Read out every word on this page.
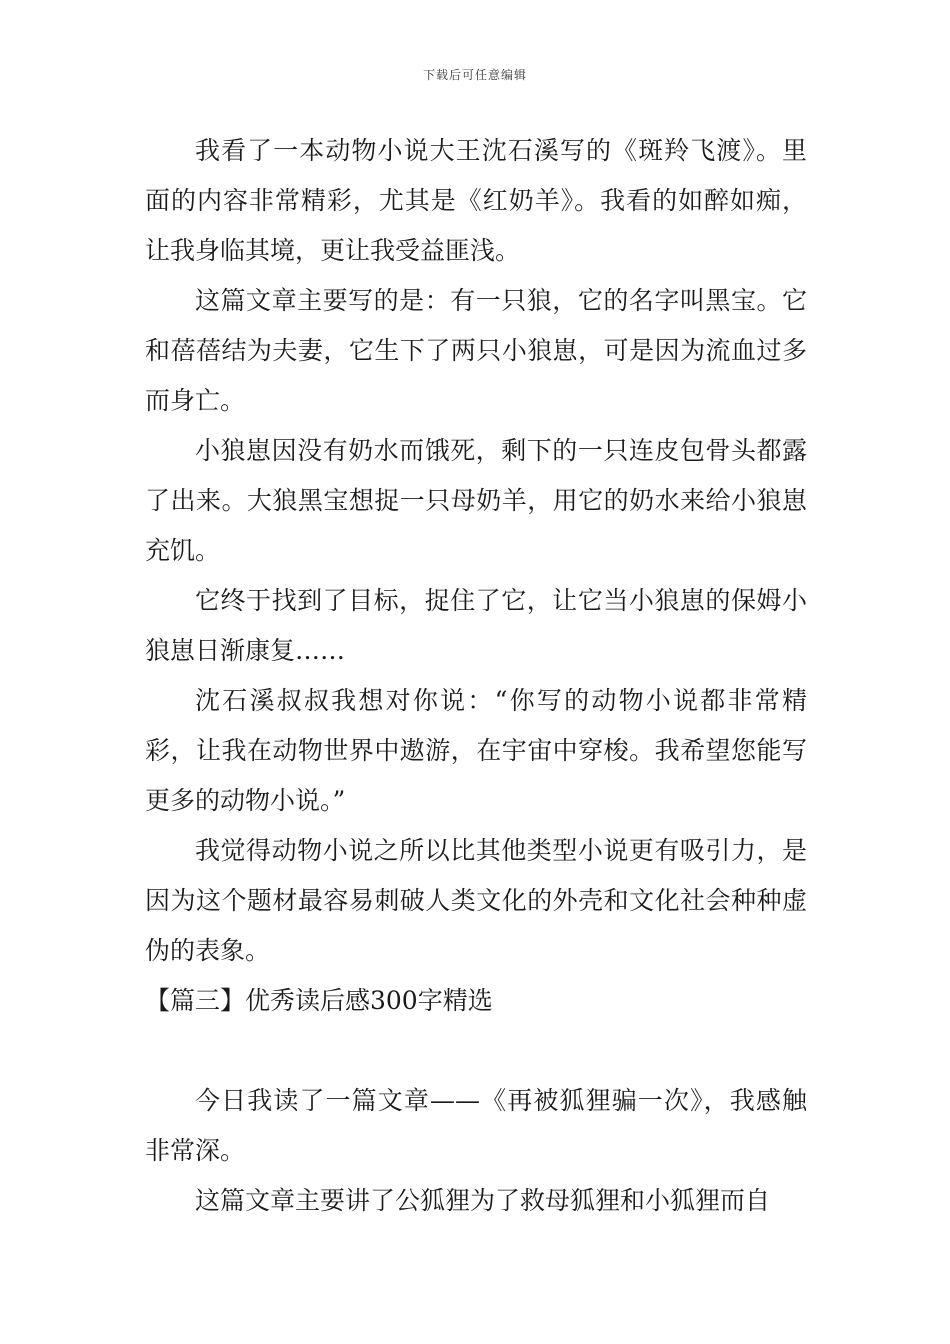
下载后可任意编辑

我看了一本动物小说大王沈石溪写的《斑羚飞渡》。里面的内容非常精彩，尤其是《红奶羊》。我看的如醉如痴，让我身临其境，更让我受益匪浅。

这篇文章主要写的是：有一只狼，它的名字叫黑宝。它和蓓蓓结为夫妻，它生下了两只小狼崽，可是因为流血过多而身亡。

小狼崽因没有奶水而饿死，剩下的一只连皮包骨头都露了出来。大狼黑宝想捉一只母奶羊，用它的奶水来给小狼崽充饥。

它终于找到了目标，捉住了它，让它当小狼崽的保姆小狼崽日渐康复……

沈石溪叔叔我想对你说：“你写的动物小说都非常精彩，让我在动物世界中遨游，在宇宙中穿梭。我希望您能写更多的动物小说。”

我觉得动物小说之所以比其他类型小说更有吸引力，是因为这个题材最容易刺破人类文化的外壳和文化社会种种虚伪的表象。

【篇三】优秀读后感300字精选

今日我读了一篇文章——《再被狐狸骗一次》，我感触非常深。

这篇文章主要讲了公狐狸为了救母狐狸和小狐狸而自
